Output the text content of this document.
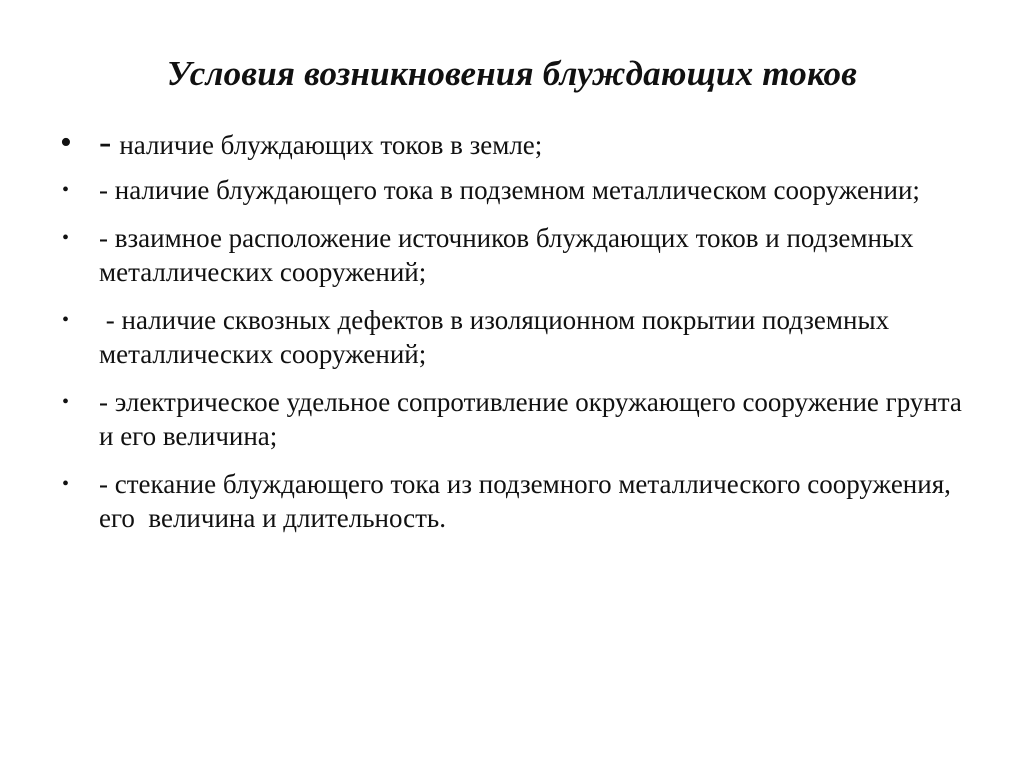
Условия возникновения блуждающих токов
• - наличие блуждающих токов в земле;
• - наличие блуждающего тока в подземном металлическом сооружении;
• - взаимное расположение источников блуждающих токов и подземных металлических сооружений;
• - наличие сквозных дефектов в изоляционном покрытии подземных металлических сооружений;
• - электрическое удельное сопротивление окружающего сооружение грунта и его величина;
• - стекание блуждающего тока из подземного металлического сооружения, его  величина и длительность.
